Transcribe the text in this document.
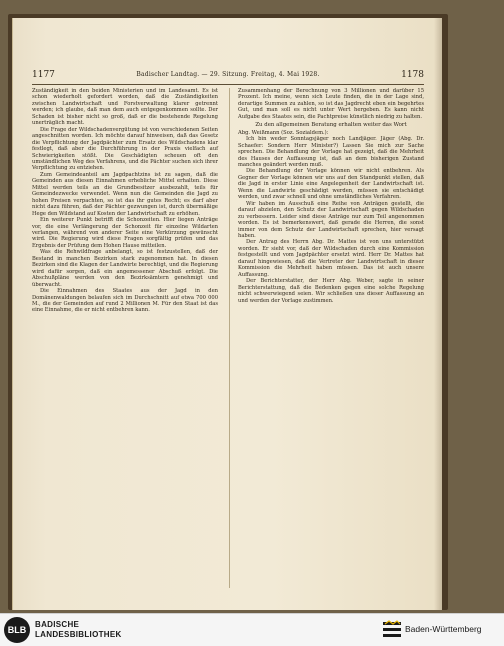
1177	Badischer Landtag. — 29. Sitzung. Freitag, 4. Mai 1928.	1178

Zuständigkeit in den beiden Ministerien und im Landesamt. Es ist schon wiederholt gefordert worden, daß die Zuständigkeiten zwischen Landwirtschaft und Forstverwaltung klarer getrennt werden; ich glaube, daß man dem auch entgegenkommen sollte. Der Schaden ist bisher nicht so groß, daß er die bestehende Regelung unerträglich macht.

Die Frage der Wildschadenvergütung ist von verschiedenen Seiten angeschnitten worden. Ich möchte darauf hinweisen, daß das Gesetz die Verpflichtung der Jagdpächter zum Ersatz des Wildschadens klar festlegt, daß aber die Durchführung in der Praxis vielfach auf Schwierigkeiten stößt. Die Geschädigten scheuen oft den umständlichen Weg des Verfahrens, und die Pächter suchen sich ihrer Verpflichtung zu entziehen.

Zum Gemeindeanteil am Jagdpachtzins ist zu sagen, daß die Gemeinden aus diesen Einnahmen erhebliche Mittel erhalten. Diese Mittel werden teils an die Grundbesitzer ausbezahlt, teils für Gemeindezwecke verwendet. Wenn nun die Gemeinden die Jagd zu hohen Preisen verpachten, so ist das ihr gutes Recht; es darf aber nicht dazu führen, daß der Pächter gezwungen ist, durch übermäßige Hege den Wildstand auf Kosten der Landwirtschaft zu erhöhen.

Ein weiterer Punkt betrifft die Schonzeiten. Hier liegen Anträge vor, die eine Verlängerung der Schonzeit für einzelne Wildarten verlangen, während von anderer Seite eine Verkürzung gewünscht wird. Die Regierung wird diese Fragen sorgfältig prüfen und das Ergebnis der Prüfung dem Hohen Hause mitteilen.

Was die Rehwildfrage anbelangt, so ist festzustellen, daß der Bestand in manchen Bezirken stark zugenommen hat. In diesen Bezirken sind die Klagen der Landwirte berechtigt, und die Regierung wird dafür sorgen, daß ein angemessener Abschuß erfolgt. Die Abschußpläne werden von den Bezirksämtern genehmigt und überwacht.

Die Einnahmen des Staates aus der Jagd in den Domänenwaldungen belaufen sich im Durchschnitt auf etwa 700 000 M., die der Gemeinden auf rund 2 Millionen M. Für den Staat ist das eine Einnahme, die er nicht entbehren kann.

Zusammenhang der Berechnung von 3 Millionen und darüber 15 Prozent. Ich meine, wenn sich Leute finden, die in der Lage sind, derartige Summen zu zahlen, so ist das Jagdrecht eben ein begehrtes Gut, und man soll es nicht unter Wert hergeben. Es kann nicht Aufgabe des Staates sein, die Pachtpreise künstlich niedrig zu halten.

Zu den allgemeinen Beratung erhalten weiter das Wort

Abg. Weißmann (Soz. Sozialdem.):

Ich bin weder Sonntagsjäger noch Landjäger. Jäger (Abg. Dr. Schaefer: Sondern Herr Minister?) Lassen Sie mich zur Sache sprechen. Die Behandlung der Vorlage hat gezeigt, daß die Mehrheit des Hauses der Auffassung ist, daß an dem bisherigen Zustand manches geändert werden muß.

Die Behandlung der Vorlage können wir nicht entbehren. Als Gegner der Vorlage können wir uns auf den Standpunkt stellen, daß die Jagd in erster Linie eine Angelegenheit der Landwirtschaft ist. Wenn die Landwirte geschädigt werden, müssen sie entschädigt werden, und zwar schnell und ohne umständliches Verfahren.

Wir haben im Ausschuß eine Reihe von Anträgen gestellt, die darauf abzielen, den Schutz der Landwirtschaft gegen Wildschaden zu verbessern. Leider sind diese Anträge nur zum Teil angenommen worden. Es ist bemerkenswert, daß gerade die Herren, die sonst immer von dem Schutz der Landwirtschaft sprechen, hier versagt haben.

Der Antrag des Herrn Abg. Dr. Mattes ist von uns unterstützt worden. Er sieht vor, daß der Wildschaden durch eine Kommission festgestellt und vom Jagdpächter ersetzt wird. Herr Dr. Mattes hat darauf hingewiesen, daß die Vertreter der Landwirtschaft in dieser Kommission die Mehrheit haben müssen. Das ist auch unsere Auffassung.

Der Berichterstatter, der Herr Abg. Weber, sagte in seiner Berichterstattung, daß die Bedenken gegen eine solche Regelung nicht schwerwiegend seien. Wir schließen uns dieser Auffassung an und werden der Vorlage zustimmen.

BLB
BADISCHE
LANDESBIBLIOTHEK
Baden-Württemberg
